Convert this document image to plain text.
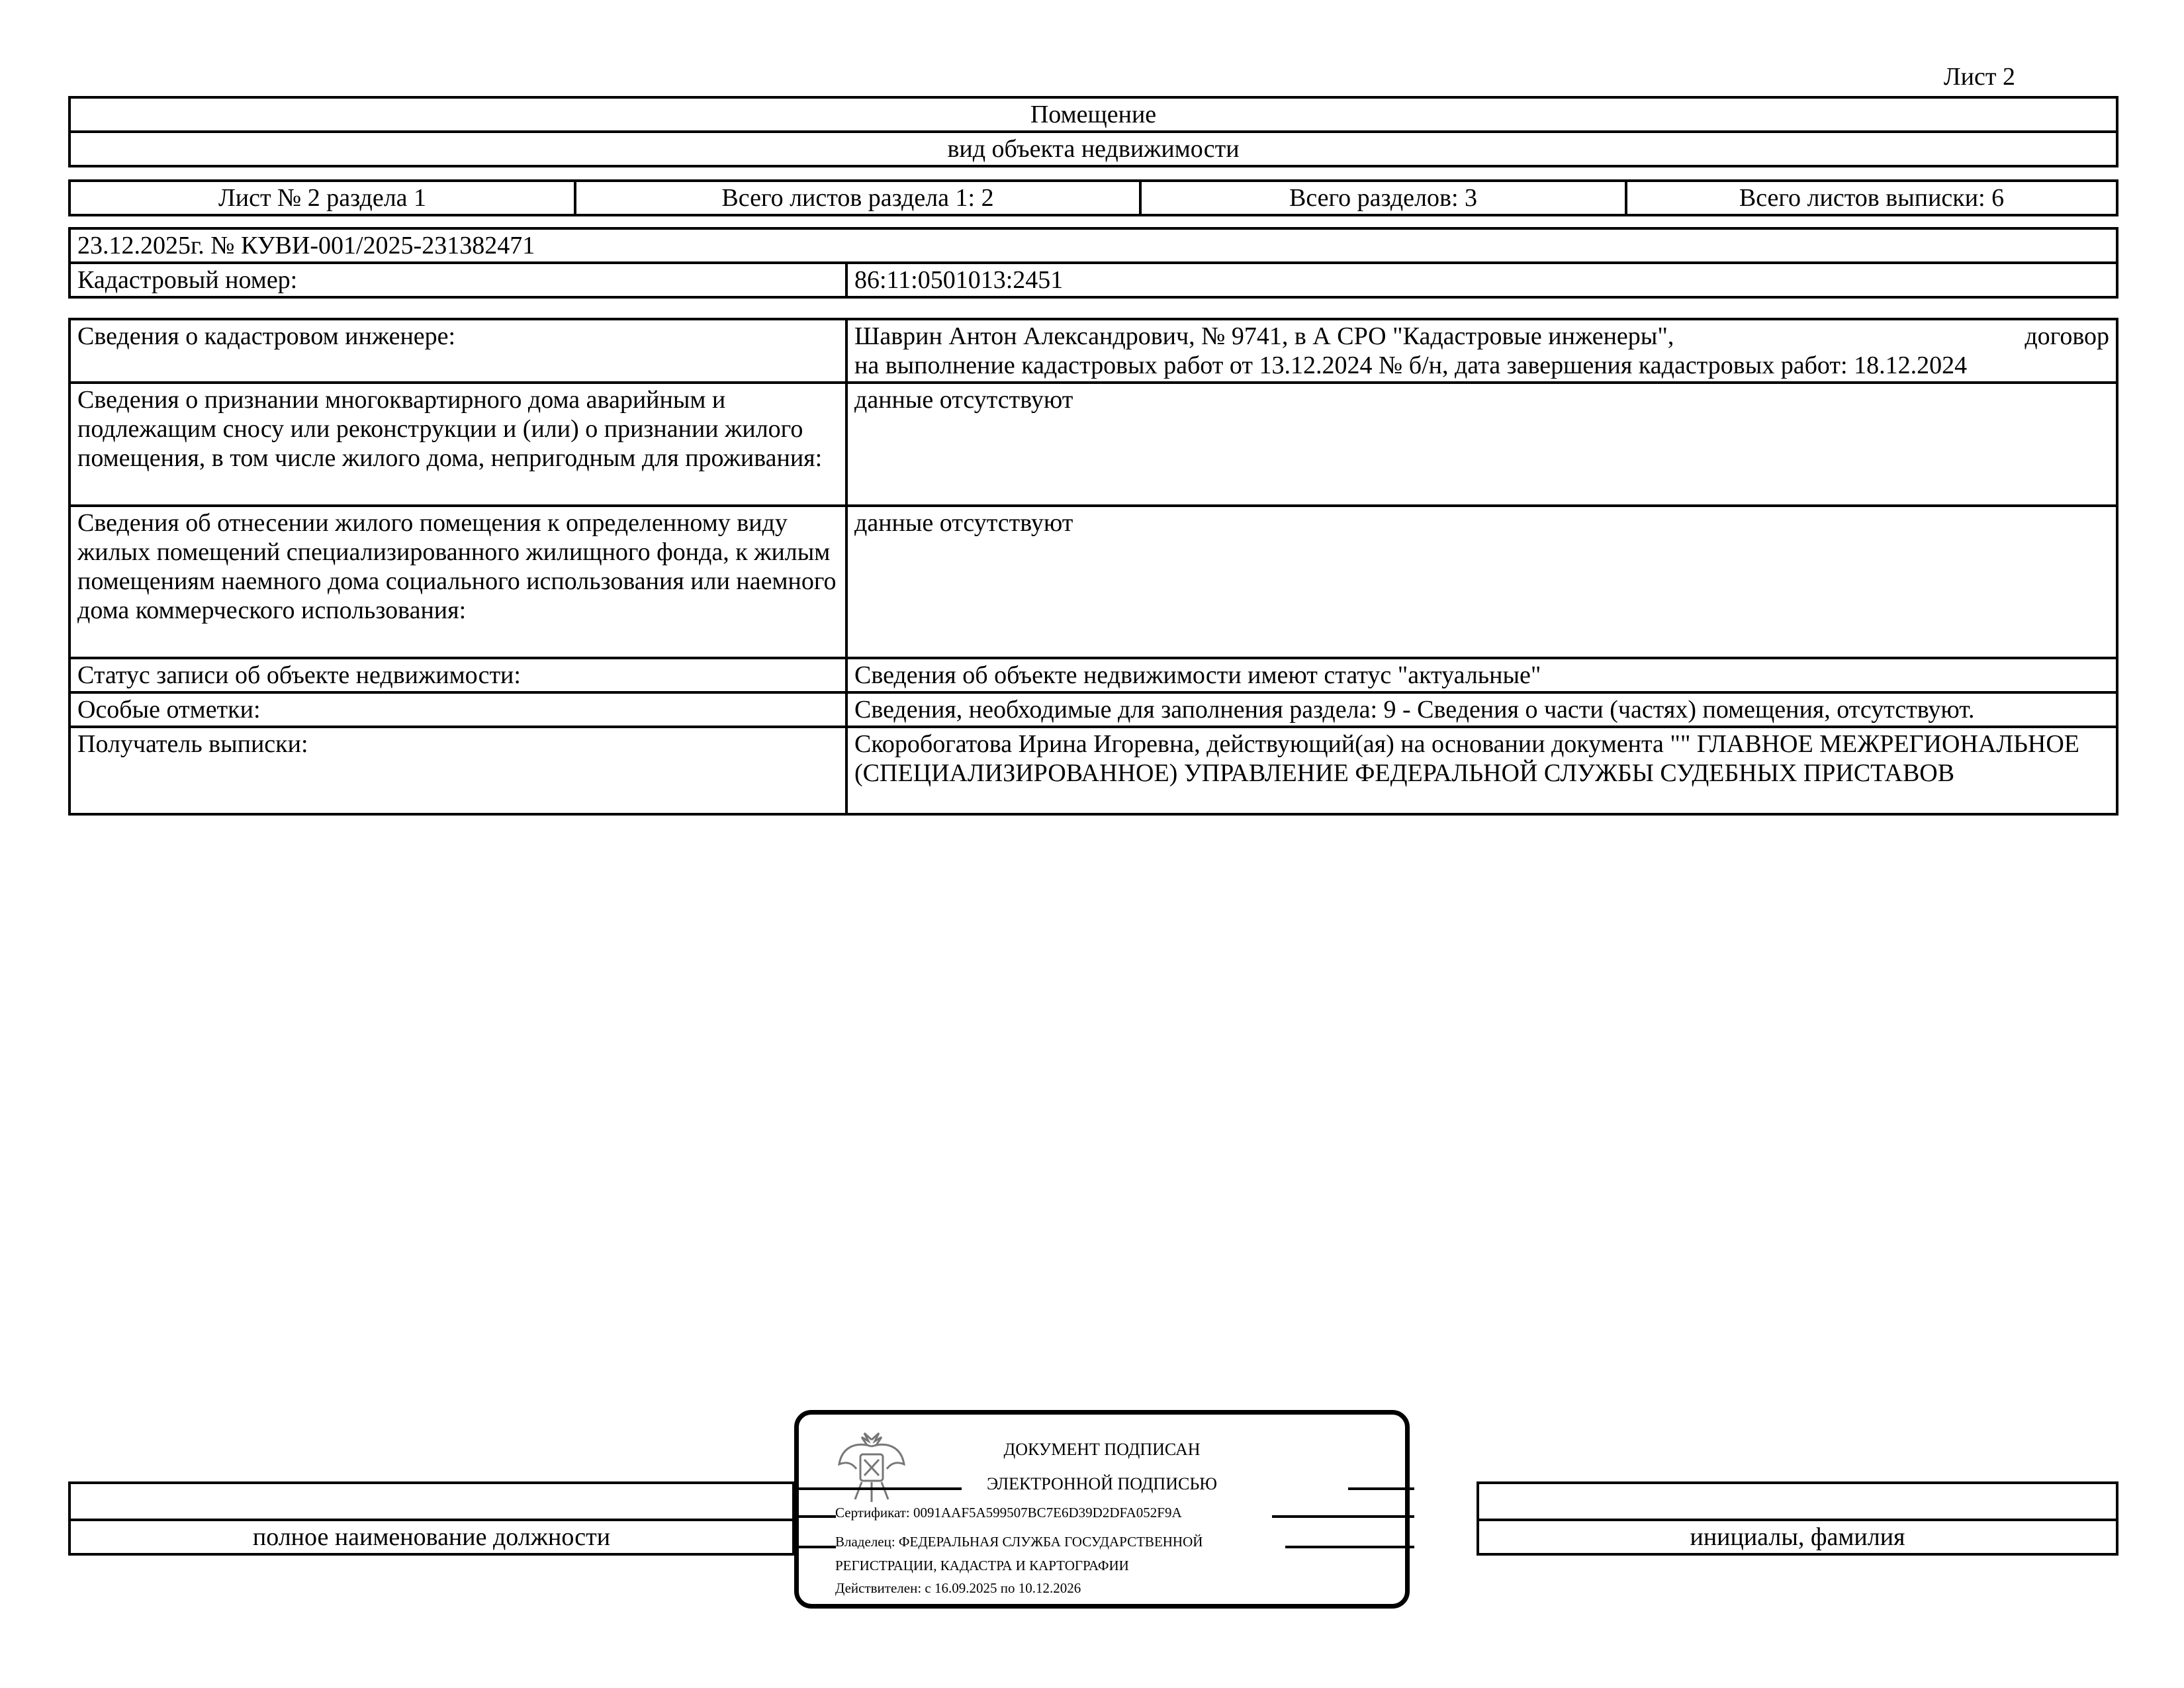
Лист 2
Помещение
вид объекта недвижимости
Лист № 2 раздела 1	Всего листов раздела 1: 2	Всего разделов: 3	Всего листов выписки: 6
23.12.2025г. № КУВИ-001/2025-231382471
Кадастровый номер:	86:11:0501013:2451
Сведения о кадастровом инженере:	Шаврин Антон Александрович, № 9741, в А СРО "Кадастровые инженеры", договор
на выполнение кадастровых работ от 13.12.2024 № б/н, дата завершения кадастровых работ: 18.12.2024

Сведения о признании многоквартирного дома аварийным и подлежащим сносу или реконструкции и (или) о признании жилого помещения, в том числе жилого дома, непригодным для проживания:	данные отсутствуют
Сведения об отнесении жилого помещения к определенному виду жилых помещений специализированного жилищного фонда, к жилым помещениям наемного дома социального использования или наемного дома коммерческого использования:	данные отсутствуют
Статус записи об объекте недвижимости:	Сведения об объекте недвижимости имеют статус "актуальные"
Особые отметки:	Сведения, необходимые для заполнения раздела: 9 - Сведения о части (частях) помещения, отсутствуют.
Получатель выписки:	Скоробогатова Ирина Игоревна, действующий(ая) на основании документа "" ГЛАВНОЕ МЕЖРЕГИОНАЛЬНОЕ (СПЕЦИАЛИЗИРОВАННОЕ) УПРАВЛЕНИЕ ФЕДЕРАЛЬНОЙ СЛУЖБЫ СУДЕБНЫХ ПРИСТАВОВ

полное наименование должности		инициалы, фамилия
ДОКУМЕНТ ПОДПИСАН
ЭЛЕКТРОННОЙ ПОДПИСЬЮ
Сертификат: 0091AAF5A599507BC7E6D39D2DFA052F9A
Владелец: ФЕДЕРАЛЬНАЯ СЛУЖБА ГОСУДАРСТВЕННОЙ
РЕГИСТРАЦИИ, КАДАСТРА И КАРТОГРАФИИ
Действителен: с 16.09.2025 по 10.12.2026
